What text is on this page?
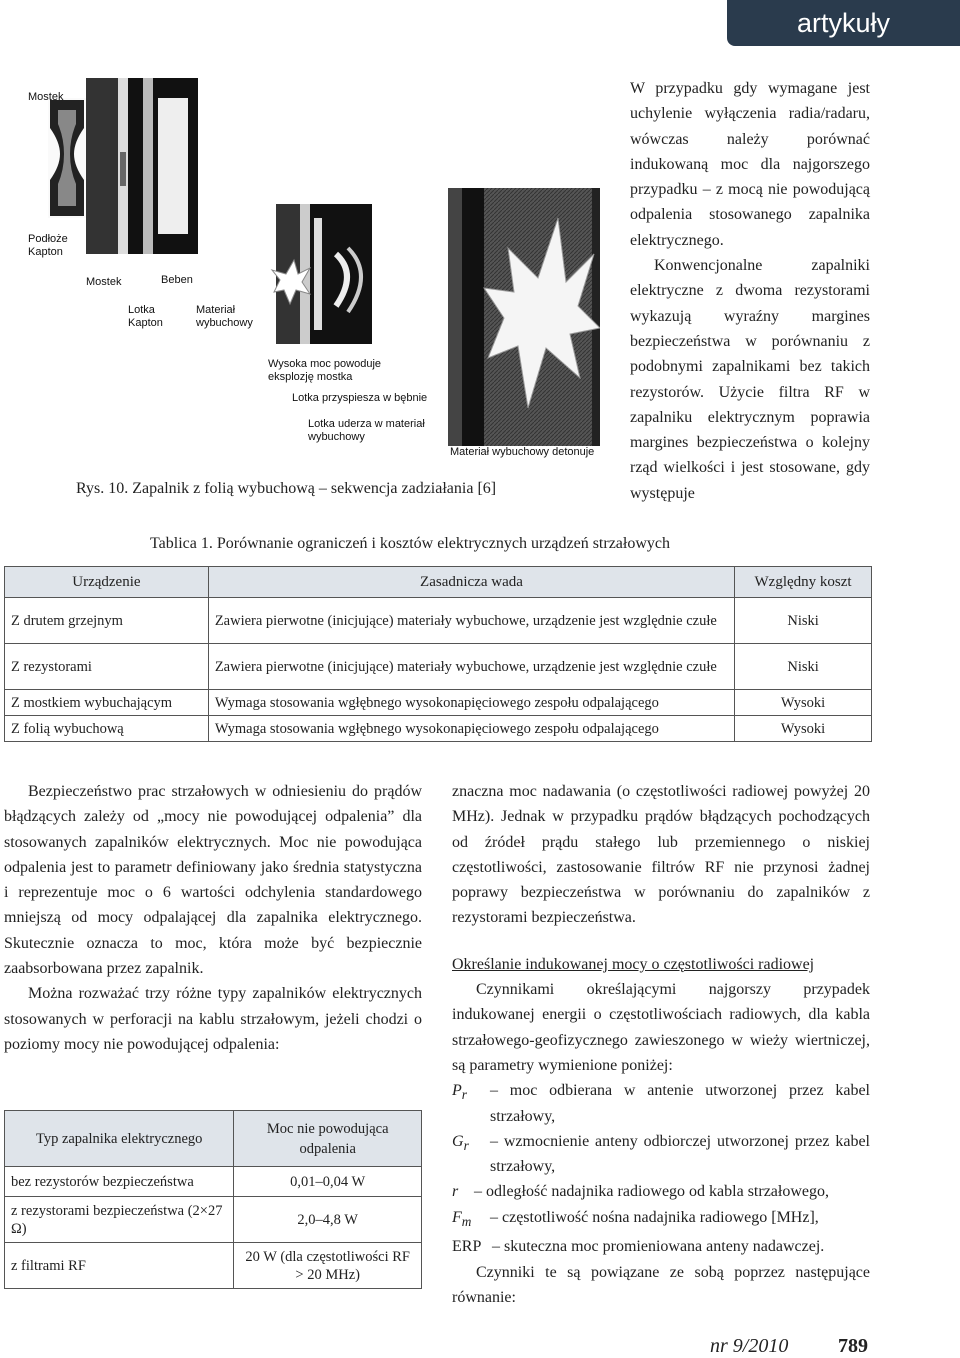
artykuły
Mostek
Podłoże
Kapton
Mostek	Beben
Lotka
Kapton
Materiał
wybuchowy
Wysoka moc powoduje
eksplozję mostka
Lotka przyspiesza w bębnie
Lotka uderza w materiał
wybuchowy
Materiał wybuchowy detonuje
Rys. 10. Zapalnik z folią wybuchową – sekwencja zadziałania [6]

W przypadku gdy wymagane jest uchylenie wyłączenia radia/radaru, wówczas należy porównać indukowaną moc dla najgorszego przypadku – z mocą nie powodującą odpalenia stosowanego zapalnika elektrycznego.

Konwencjonalne zapalniki elektryczne z dwoma rezystorami wykazują wyraźny margines bezpieczeństwa w porównaniu z podobnymi zapalnikami bez takich rezystorów. Użycie filtra RF w zapalniku elektrycznym poprawia margines bezpieczeństwa o kolejny rząd wielkości i jest stosowane, gdy występuje

Tablica 1. Porównanie ograniczeń i kosztów elektrycznych urządzeń strzałowych
Urządzenie	Zasadnicza wada	Względny koszt
Z drutem grzejnym	Zawiera pierwotne (inicjujące) materiały wybuchowe, urządzenie jest względnie czułe	Niski
Z rezystorami	Zawiera pierwotne (inicjujące) materiały wybuchowe, urządzenie jest względnie czułe	Niski
Z mostkiem wybuchającym	Wymaga stosowania wgłębnego wysokonapięciowego zespołu odpalającego	Wysoki
Z folią wybuchową	Wymaga stosowania wgłębnego wysokonapięciowego zespołu odpalającego	Wysoki

Bezpieczeństwo prac strzałowych w odniesieniu do prądów błądzących zależy od „mocy nie powodującej odpalenia” dla stosowanych zapalników elektrycznych. Moc nie powodująca odpalenia jest to parametr definiowany jako średnia statystyczna i reprezentuje moc o 6 wartości odchylenia standardowego mniejszą od mocy odpalającej dla zapalnika elektrycznego. Skutecznie oznacza to moc, która może być bezpiecznie zaabsorbowana przez zapalnik.

Można rozważać trzy różne typy zapalników elektrycznych stosowanych w perforacji na kablu strzałowym, jeżeli chodzi o poziomy mocy nie powodującej odpalenia:

Typ zapalnika elektrycznego	Moc nie powodująca odpalenia
bez rezystorów bezpieczeństwa	0,01–0,04 W
z rezystorami bezpieczeństwa (2×27 Ω)	2,0–4,8 W
z filtrami RF	20 W (dla częstotliwości RF > 20 MHz)

znaczna moc nadawania (o częstotliwości radiowej powyżej 20 MHz). Jednak w przypadku prądów błądzących pochodzących od źródeł prądu stałego lub przemiennego o niskiej częstotliwości, zastosowanie filtrów RF nie przynosi żadnej poprawy bezpieczeństwa w porównaniu do zapalników z rezystorami bezpieczeństwa.

Określanie indukowanej mocy o częstotliwości radiowej

Czynnikami określającymi najgorszy przypadek indukowanej energii o częstotliwościach radiowych, dla kabla strzałowego-geofizycznego zawieszonego w wieży wiertniczej, są parametry wymienione poniżej:

$P_r$	– moc odbierana w antenie utworzonej przez kabel strzałowy,
$G_r$	– wzmocnienie anteny odbiorczej utworzonej przez kabel strzałowy,
r – odległość nadajnika radiowego od kabla strzałowego,
$F_m$	– częstotliwość nośna nadajnika radiowego [MHz],
ERP – skuteczna moc promieniowana anteny nadawczej.

Czynniki te są powiązane ze sobą poprzez następujące równanie:

nr 9/2010 789
